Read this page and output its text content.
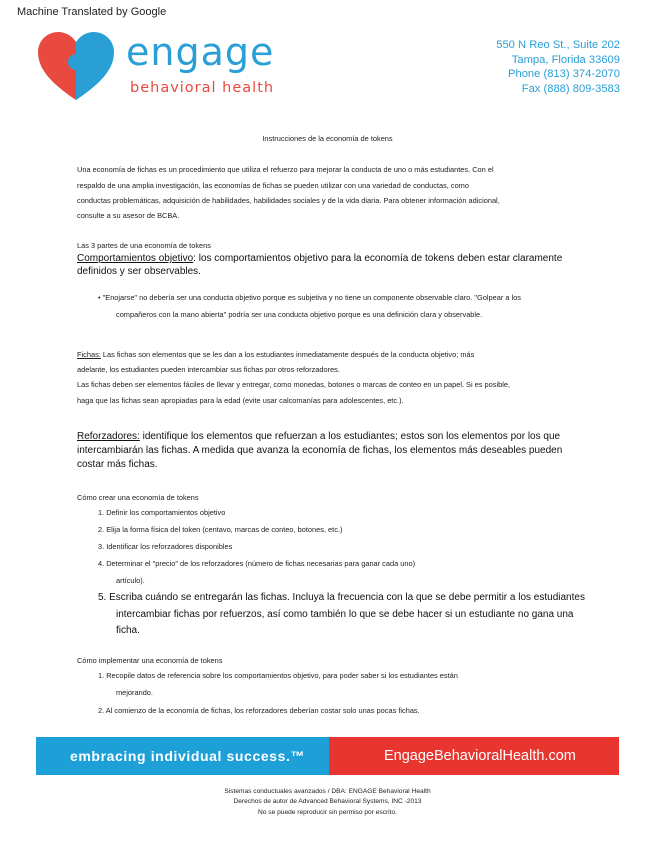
Machine Translated by Google
engage
behavioral health
550 N Reo St., Suite 202
Tampa, Florida 33609
Phone (813) 374-2070
Fax (888) 809-3583
Instrucciones de la economía de tokens
Una economía de fichas es un procedimiento que utiliza el refuerzo para mejorar la conducta de uno o más estudiantes. Con el
respaldo de una amplia investigación, las economías de fichas se pueden utilizar con una variedad de conductas, como
conductas problemáticas, adquisición de habilidades, habilidades sociales y de la vida diaria. Para obtener información adicional,
consulte a su asesor de BCBA.
Las 3 partes de una economía de tokens
Comportamientos objetivo: los comportamientos objetivo para la economía de tokens deben estar claramente
definidos y ser observables.
• "Enojarse" no debería ser una conducta objetivo porque es subjetiva y no tiene un componente observable claro. "Golpear a los
compañeros con la mano abierta" podría ser una conducta objetivo porque es una definición clara y observable.
Fichas: Las fichas son elementos que se les dan a los estudiantes inmediatamente después de la conducta objetivo; más
adelante, los estudiantes pueden intercambiar sus fichas por otros reforzadores.
Las fichas deben ser elementos fáciles de llevar y entregar, como monedas, botones o marcas de conteo en un papel. Si es posible,
haga que las fichas sean apropiadas para la edad (evite usar calcomanías para adolescentes, etc.).
Reforzadores: identifique los elementos que refuerzan a los estudiantes; estos son los elementos por los que
intercambiarán las fichas. A medida que avanza la economía de fichas, los elementos más deseables pueden
costar más fichas.
Cómo crear una economía de tokens
1. Definir los comportamientos objetivo
2. Elija la forma física del token (centavo, marcas de conteo, botones, etc.)
3. Identificar los reforzadores disponibles
4. Determinar el "precio" de los reforzadores (número de fichas necesarias para ganar cada uno)
artículo).
5. Escriba cuándo se entregarán las fichas. Incluya la frecuencia con la que se debe permitir a los estudiantes
intercambiar fichas por refuerzos, así como también lo que se debe hacer si un estudiante no gana una
ficha.
Cómo implementar una economía de tokens
1. Recopile datos de referencia sobre los comportamientos objetivo, para poder saber si los estudiantes están
mejorando.
2. Al comienzo de la economía de fichas, los reforzadores deberían costar solo unas pocas fichas.
embracing individual success.™	EngageBehavioralHealth.com
Sistemas conductuales avanzados / DBA: ENGAGE Behavioral Health
Derechos de autor de Advanced Behavioral Systems, INC -2013
No se puede reproducir sin permiso por escrito.
